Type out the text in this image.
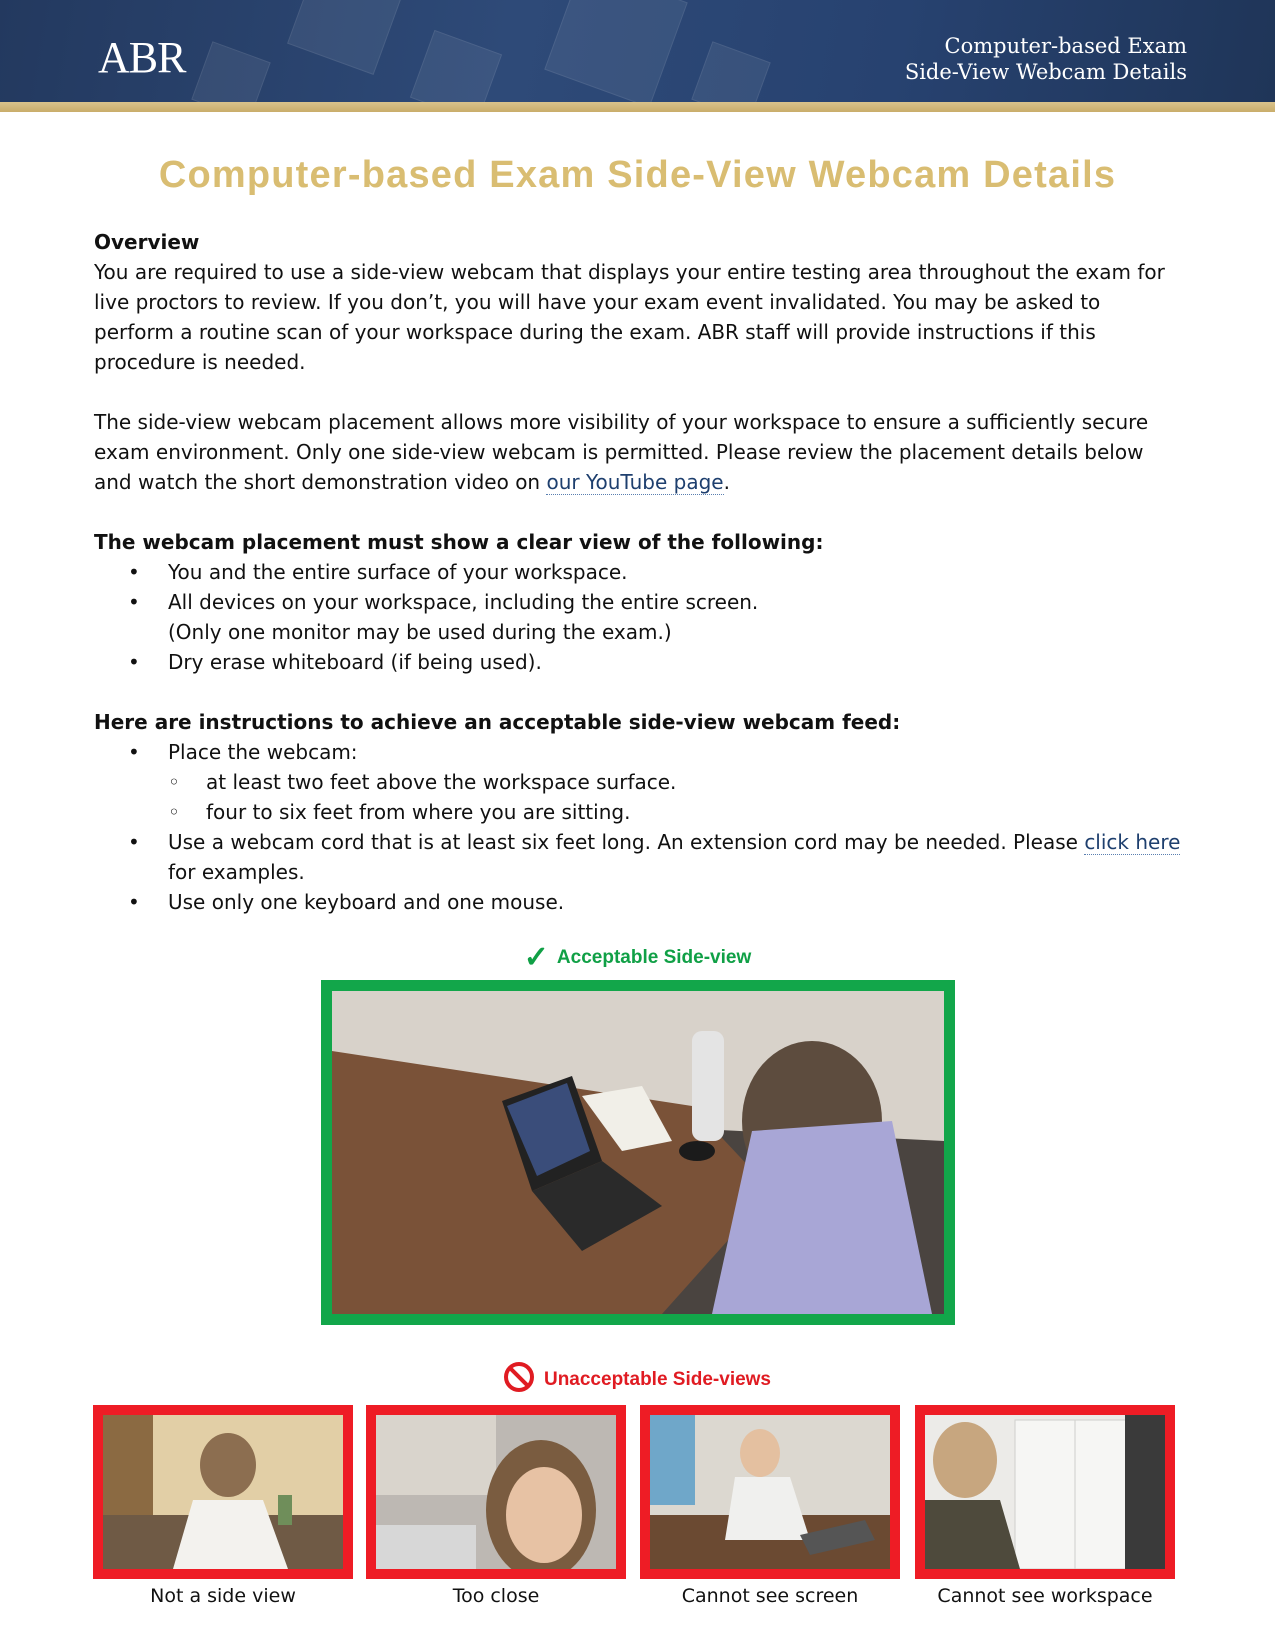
ABR	Computer-based Exam
Side-View Webcam Details
Computer-based Exam Side-View Webcam Details

Overview

You are required to use a side-view webcam that displays your entire testing area throughout the exam for live proctors to review. If you don’t, you will have your exam event invalidated. You may be asked to perform a routine scan of your workspace during the exam. ABR staff will provide instructions if this procedure is needed.

The side-view webcam placement allows more visibility of your workspace to ensure a sufficiently secure exam environment. Only one side-view webcam is permitted. Please review the placement details below and watch the short demonstration video on our YouTube page.

The webcam placement must show a clear view of the following:

• You and the entire surface of your workspace.
• All devices on your workspace, including the entire screen.
(Only one monitor may be used during the exam.)
• Dry erase whiteboard (if being used).

Here are instructions to achieve an acceptable side-view webcam feed:

• Place the webcam:
◦ at least two feet above the workspace surface.
◦ four to six feet from where you are sitting.
• Use a webcam cord that is at least six feet long. An extension cord may be needed. Please click here for examples.
• Use only one keyboard and one mouse.
✓ Acceptable Side-view
Unacceptable Side-views
Not a side view	Too close	Cannot see screen	Cannot see workspace
